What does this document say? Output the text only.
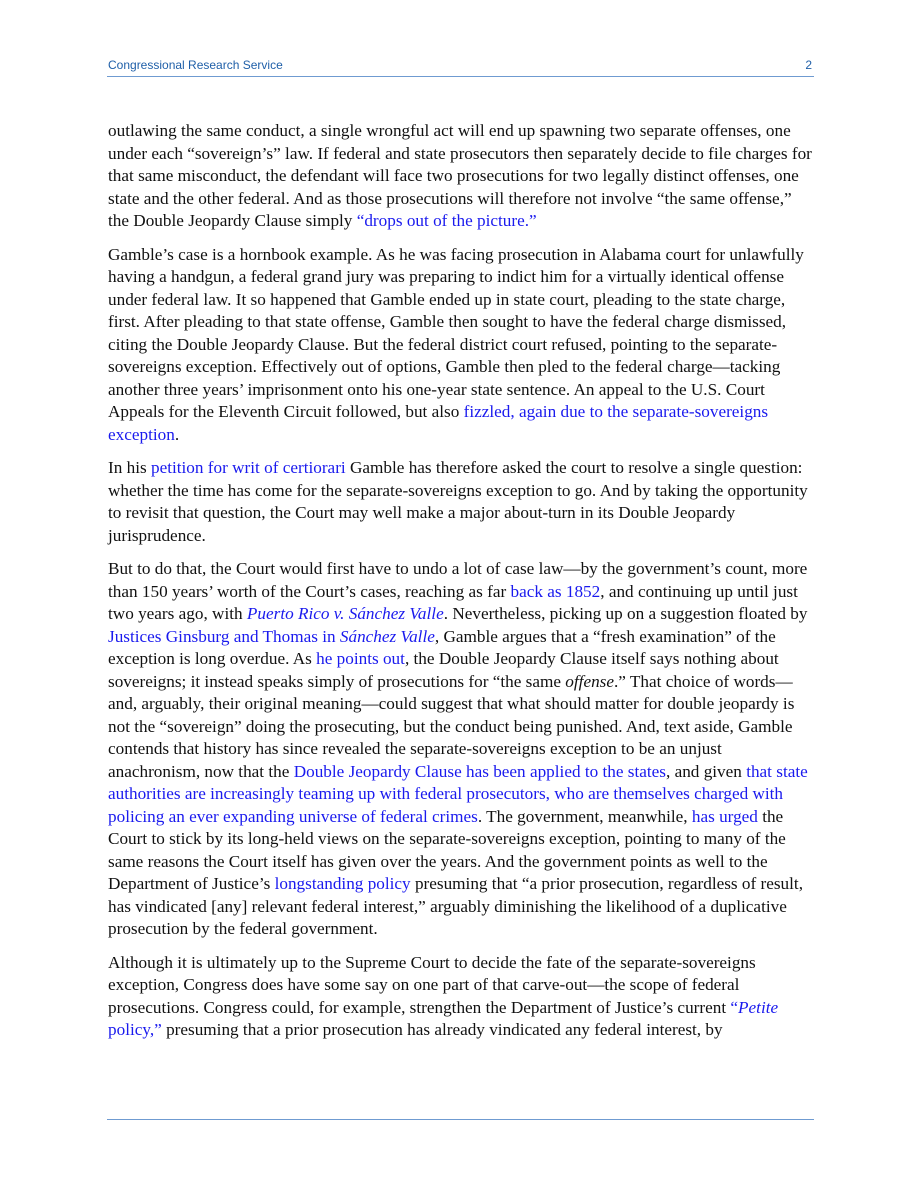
Congressional Research Service	2

outlawing the same conduct, a single wrongful act will end up spawning two separate offenses, one under each “sovereign’s” law. If federal and state prosecutors then separately decide to file charges for that same misconduct, the defendant will face two prosecutions for two legally distinct offenses, one state and the other federal. And as those prosecutions will therefore not involve “the same offense,” the Double Jeopardy Clause simply “drops out of the picture.”

Gamble’s case is a hornbook example. As he was facing prosecution in Alabama court for unlawfully having a handgun, a federal grand jury was preparing to indict him for a virtually identical offense under federal law. It so happened that Gamble ended up in state court, pleading to the state charge, first. After pleading to that state offense, Gamble then sought to have the federal charge dismissed, citing the Double Jeopardy Clause. But the federal district court refused, pointing to the separate-sovereigns exception. Effectively out of options, Gamble then pled to the federal charge—tacking another three years’ imprisonment onto his one-year state sentence. An appeal to the U.S. Court Appeals for the Eleventh Circuit followed, but also fizzled, again due to the separate-sovereigns exception.

In his petition for writ of certiorari Gamble has therefore asked the court to resolve a single question: whether the time has come for the separate-sovereigns exception to go. And by taking the opportunity to revisit that question, the Court may well make a major about-turn in its Double Jeopardy jurisprudence.

But to do that, the Court would first have to undo a lot of case law—by the government’s count, more than 150 years’ worth of the Court’s cases, reaching as far back as 1852, and continuing up until just two years ago, with Puerto Rico v. Sánchez Valle. Nevertheless, picking up on a suggestion floated by Justices Ginsburg and Thomas in Sánchez Valle, Gamble argues that a “fresh examination” of the exception is long overdue. As he points out, the Double Jeopardy Clause itself says nothing about sovereigns; it instead speaks simply of prosecutions for “the same offense.” That choice of words—and, arguably, their original meaning—could suggest that what should matter for double jeopardy is not the “sovereign” doing the prosecuting, but the conduct being punished. And, text aside, Gamble contends that history has since revealed the separate-sovereigns exception to be an unjust anachronism, now that the Double Jeopardy Clause has been applied to the states, and given that state authorities are increasingly teaming up with federal prosecutors, who are themselves charged with policing an ever expanding universe of federal crimes. The government, meanwhile, has urged the Court to stick by its long-held views on the separate-sovereigns exception, pointing to many of the same reasons the Court itself has given over the years. And the government points as well to the Department of Justice’s longstanding policy presuming that “a prior prosecution, regardless of result, has vindicated [any] relevant federal interest,” arguably diminishing the likelihood of a duplicative prosecution by the federal government.

Although it is ultimately up to the Supreme Court to decide the fate of the separate-sovereigns exception, Congress does have some say on one part of that carve-out—the scope of federal prosecutions. Congress could, for example, strengthen the Department of Justice’s current “Petite policy,” presuming that a prior prosecution has already vindicated any federal interest, by
